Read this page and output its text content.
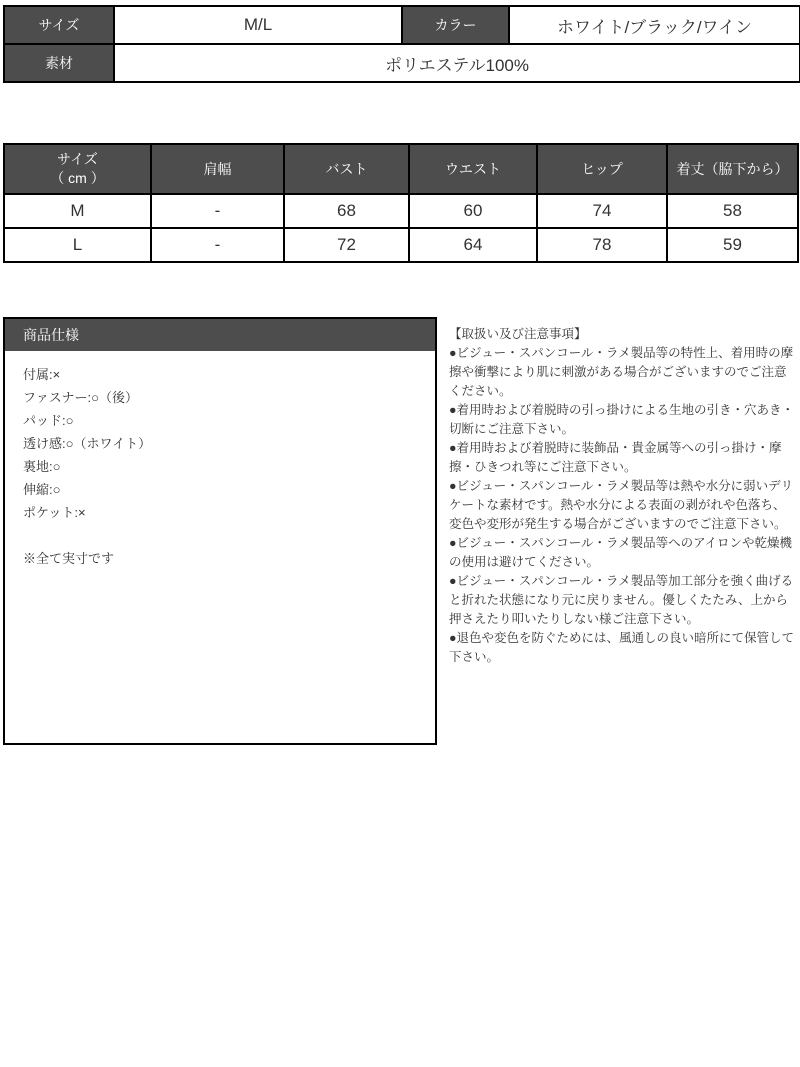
サイズ	M/L	カラー	ホワイト/ブラック/ワイン
素材	ポリエステル100%		
サイズ
（ cm ）	肩幅	バスト	ウエスト	ヒップ	着丈（脇下から）
M	-	68	60	74	58
L	-	72	64	78	59
商品仕様

付属:×

ファスナー:○（後）

パッド:○

透け感:○（ホワイト）

裏地:○

伸縮:○

ポケット:×

※全て実寸です

【取扱い及び注意事項】

●ビジュー・スパンコール・ラメ製品等の特性上、着用時の摩擦や衝撃により肌に刺激がある場合がございますのでご注意ください。

●着用時および着脱時の引っ掛けによる生地の引き・穴あき・切断にご注意下さい。

●着用時および着脱時に装飾品・貴金属等への引っ掛け・摩擦・ひきつれ等にご注意下さい。

●ビジュー・スパンコール・ラメ製品等は熱や水分に弱いデリケートな素材です。熱や水分による表面の剥がれや色落ち、変色や変形が発生する場合がございますのでご注意下さい。

●ビジュー・スパンコール・ラメ製品等へのアイロンや乾燥機の使用は避けてください。

●ビジュー・スパンコール・ラメ製品等加工部分を強く曲げると折れた状態になり元に戻りません。優しくたたみ、上から押さえたり叩いたりしない様ご注意下さい。

●退色や変色を防ぐためには、風通しの良い暗所にて保管して下さい。
